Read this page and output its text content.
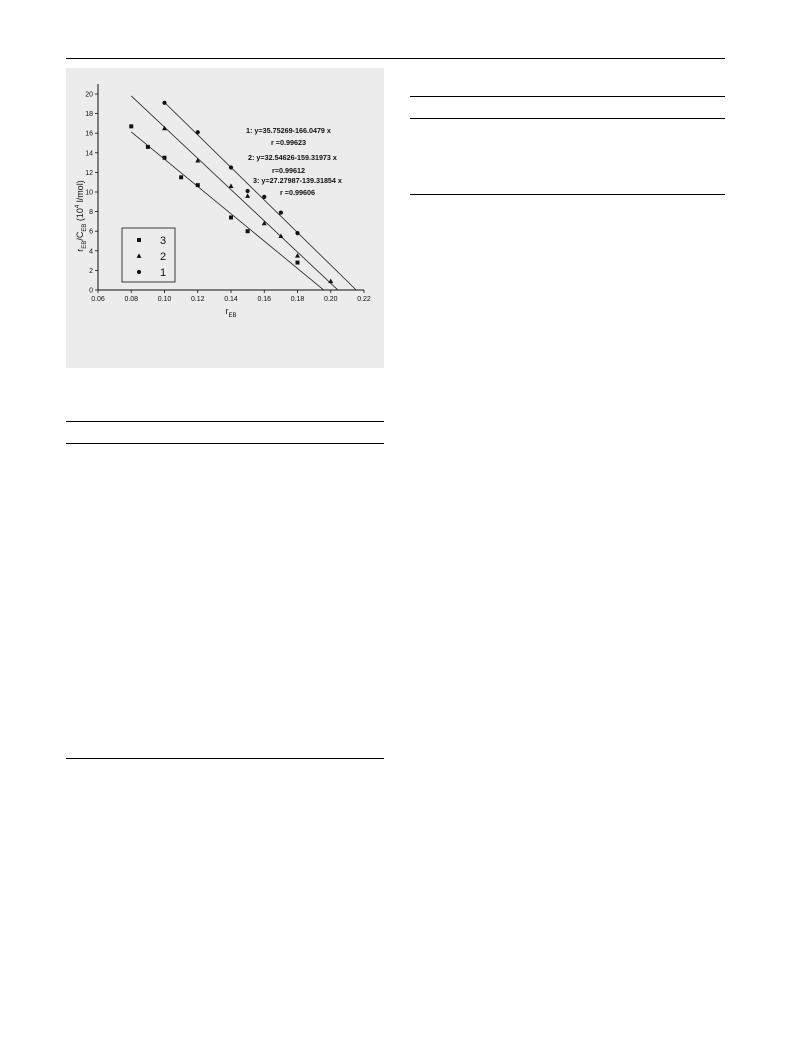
0.06	0.08	0.10	0.12	0.14	0.16	0.18	0.20	0.22
0
2
4
6
8
10
12
14
16
18
20
$r_{EB}$
$r_{EB}/C_{EB}$ ($10^4$ l/mol)
1: y=35.75269-166.0479 x
r =0.99623
2: y=32.54626-159.31973 x
r=0.99612
3: y=27.27987-139.31854 x
r =0.99606
3
2
1
